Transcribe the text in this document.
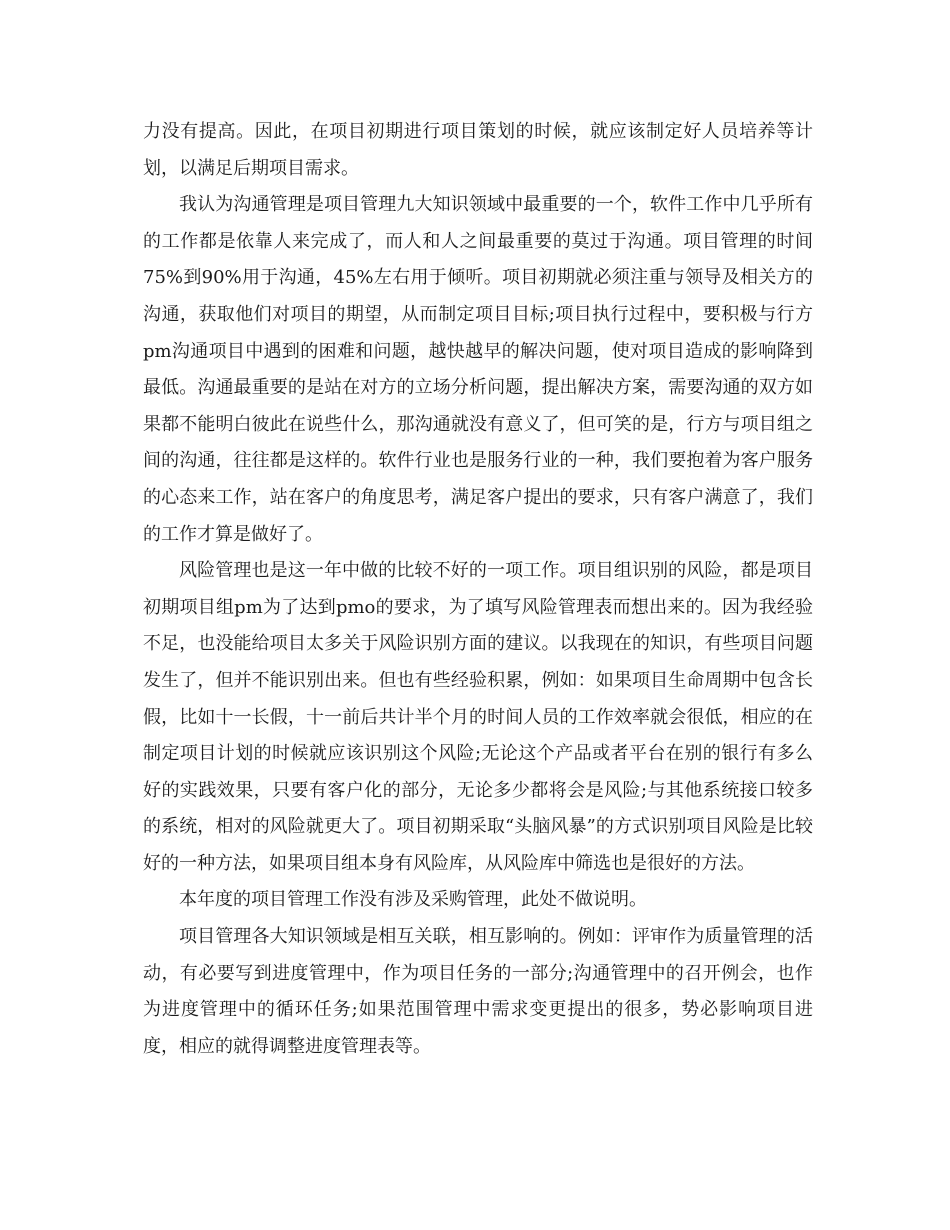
力没有提高。因此，在项目初期进行项目策划的时候，就应该制定好人员培养等计划，以满足后期项目需求。

我认为沟通管理是项目管理九大知识领域中最重要的一个，软件工作中几乎所有的工作都是依靠人来完成了，而人和人之间最重要的莫过于沟通。项目管理的时间75%到90%用于沟通，45%左右用于倾听。项目初期就必须注重与领导及相关方的沟通，获取他们对项目的期望，从而制定项目目标;项目执行过程中，要积极与行方pm沟通项目中遇到的困难和问题，越快越早的解决问题，使对项目造成的影响降到最低。沟通最重要的是站在对方的立场分析问题，提出解决方案，需要沟通的双方如果都不能明白彼此在说些什么，那沟通就没有意义了，但可笑的是，行方与项目组之间的沟通，往往都是这样的。软件行业也是服务行业的一种，我们要抱着为客户服务的心态来工作，站在客户的角度思考，满足客户提出的要求，只有客户满意了，我们的工作才算是做好了。

风险管理也是这一年中做的比较不好的一项工作。项目组识别的风险，都是项目初期项目组pm为了达到pmo的要求，为了填写风险管理表而想出来的。因为我经验不足，也没能给项目太多关于风险识别方面的建议。以我现在的知识，有些项目问题发生了，但并不能识别出来。但也有些经验积累，例如：如果项目生命周期中包含长假，比如十一长假，十一前后共计半个月的时间人员的工作效率就会很低，相应的在制定项目计划的时候就应该识别这个风险;无论这个产品或者平台在别的银行有多么好的实践效果，只要有客户化的部分，无论多少都将会是风险;与其他系统接口较多的系统，相对的风险就更大了。项目初期采取“头脑风暴”的方式识别项目风险是比较好的一种方法，如果项目组本身有风险库，从风险库中筛选也是很好的方法。

本年度的项目管理工作没有涉及采购管理，此处不做说明。

项目管理各大知识领域是相互关联，相互影响的。例如：评审作为质量管理的活动，有必要写到进度管理中，作为项目任务的一部分;沟通管理中的召开例会，也作为进度管理中的循环任务;如果范围管理中需求变更提出的很多，势必影响项目进度，相应的就得调整进度管理表等。
